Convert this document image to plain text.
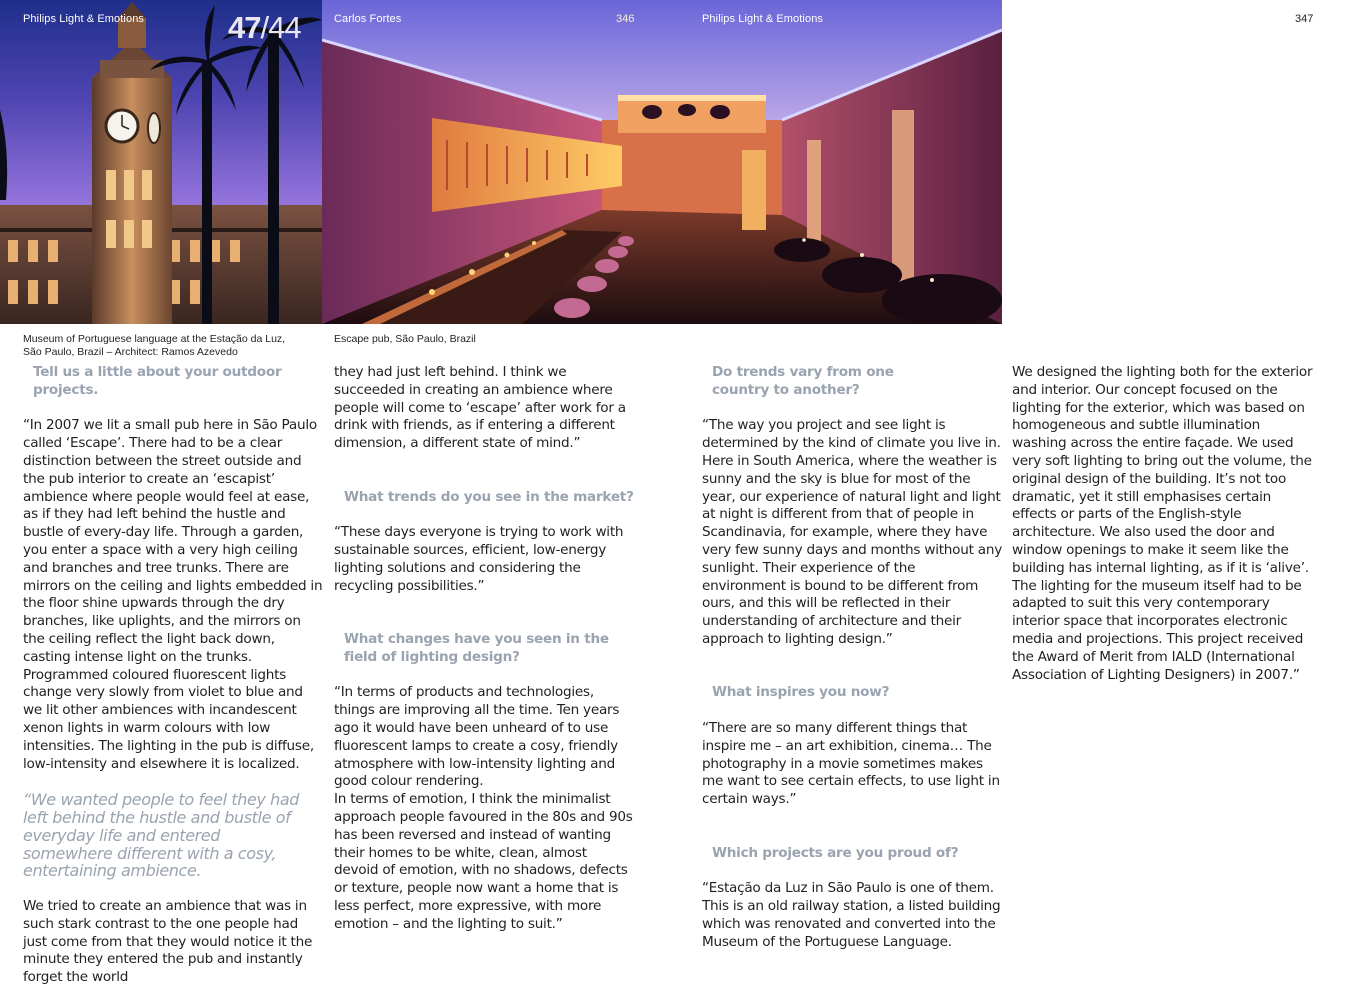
Philips Light & Emotions	47/44	Carlos Fortes	346	Philips Light & Emotions	347
Museum of Portuguese language at the Estação da Luz,
São Paulo, Brazil – Architect: Ramos Azevedo
Escape pub, São Paulo, Brazil

Tell us a little about your outdoor projects.

“In 2007 we lit a small pub here in São Paulo called ‘Escape’. There had to be a clear distinction between the street outside and the pub interior to create an ‘escapist’ ambience where people would feel at ease, as if they had left behind the hustle and bustle of every-day life. Through a garden, you enter a space with a very high ceiling and branches and tree trunks. There are mirrors on the ceiling and lights embedded in the floor shine upwards through the dry branches, like uplights, and the mirrors on the ceiling reflect the light back down, casting intense light on the trunks. Programmed coloured fluorescent lights change very slowly from violet to blue and we lit other ambiences with incandescent xenon lights in warm colours with low intensities. The lighting in the pub is diffuse, low-intensity and elsewhere it is localized.

“We wanted people to feel they had left behind the hustle and bustle of everyday life and entered somewhere different with a cosy, entertaining ambience.

We tried to create an ambience that was in such stark contrast to the one people had just come from that they would notice it the minute they entered the pub and instantly forget the world

they had just left behind. I think we succeeded in creating an ambience where people will come to ‘escape’ after work for a drink with friends, as if entering a different dimension, a different state of mind.”

What trends do you see in the market?

“These days everyone is trying to work with sustainable sources, efficient, low-energy lighting solutions and considering the recycling possibilities.”

What changes have you seen in the field of lighting design?

“In terms of products and technologies, things are improving all the time. Ten years ago it would have been unheard of to use fluorescent lamps to create a cosy, friendly atmosphere with low-intensity lighting and good colour rendering.

In terms of emotion, I think the minimalist approach people favoured in the 80s and 90s has been reversed and instead of wanting their homes to be white, clean, almost devoid of emotion, with no shadows, defects or texture, people now want a home that is less perfect, more expressive, with more emotion – and the lighting to suit.”

Do trends vary from one country to another?

“The way you project and see light is determined by the kind of climate you live in. Here in South America, where the weather is sunny and the sky is blue for most of the year, our experience of natural light and light at night is different from that of people in Scandinavia, for example, where they have very few sunny days and months without any sunlight. Their experience of the environment is bound to be different from ours, and this will be reflected in their understanding of architecture and their approach to lighting design.”

What inspires you now?

“There are so many different things that inspire me – an art exhibition, cinema… The photography in a movie sometimes makes me want to see certain effects, to use light in certain ways.”

Which projects are you proud of?

“Estação da Luz in São Paulo is one of them. This is an old railway station, a listed building which was renovated and converted into the Museum of the Portuguese Language.

We designed the lighting both for the exterior and interior. Our concept focused on the lighting for the exterior, which was based on homogeneous and subtle illumination washing across the entire façade. We used very soft lighting to bring out the volume, the original design of the building. It’s not too dramatic, yet it still emphasises certain effects or parts of the English-style architecture. We also used the door and window openings to make it seem like the building has internal lighting, as if it is ‘alive’. The lighting for the museum itself had to be adapted to suit this very contemporary interior space that incorporates electronic media and projections. This project received the Award of Merit from IALD (International Association of Lighting Designers) in 2007.”
